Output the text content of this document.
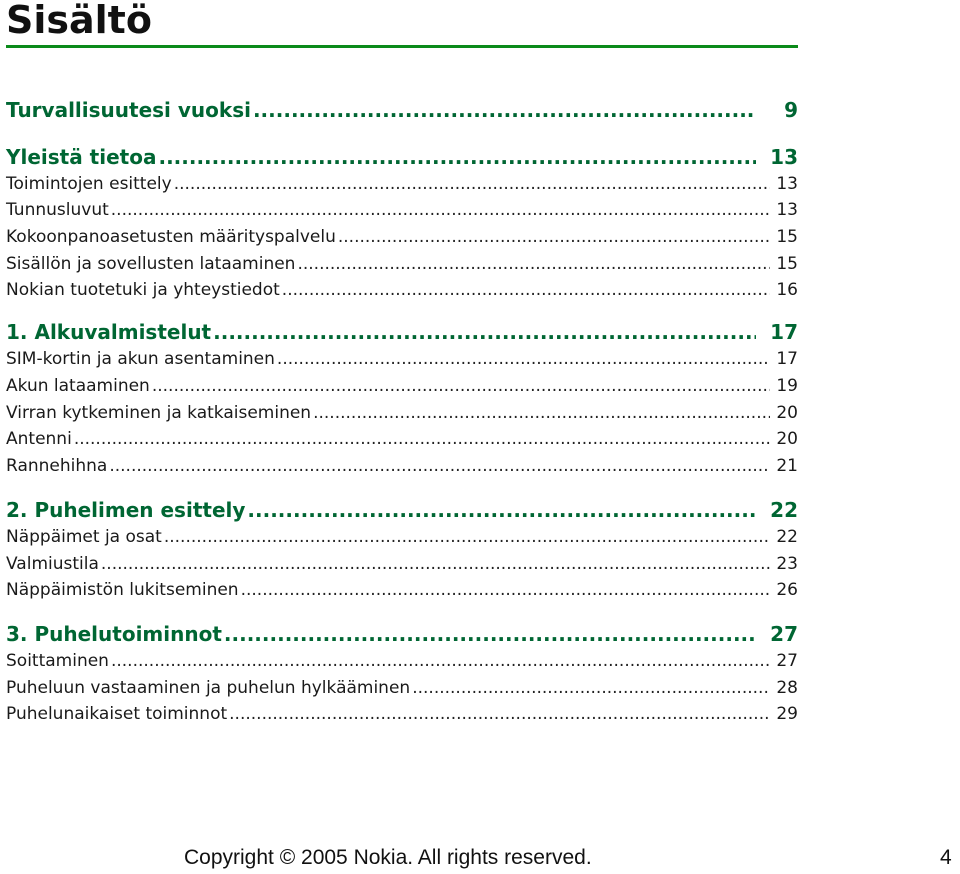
Sisältö
Turvallisuutesi vuoksi .....	9
Yleistä tietoa .....	13
Toimintojen esittely .....	13
Tunnusluvut .....	13
Kokoonpanoasetusten määrityspalvelu .....	15
Sisällön ja sovellusten lataaminen .....	15
Nokian tuotetuki ja yhteystiedot .....	16
1. Alkuvalmistelut .....	17
SIM-kortin ja akun asentaminen .....	17
Akun lataaminen .....	19
Virran kytkeminen ja katkaiseminen .....	20
Antenni .....	20
Rannehihna .....	21
2. Puhelimen esittely .....	22
Näppäimet ja osat .....	22
Valmiustila .....	23
Näppäimistön lukitseminen .....	26
3. Puhelutoiminnot .....	27
Soittaminen .....	27
Puheluun vastaaminen ja puhelun hylkääminen .....	28
Puhelunaikaiset toiminnot .....	29
Copyright © 2005 Nokia. All rights reserved.	4
